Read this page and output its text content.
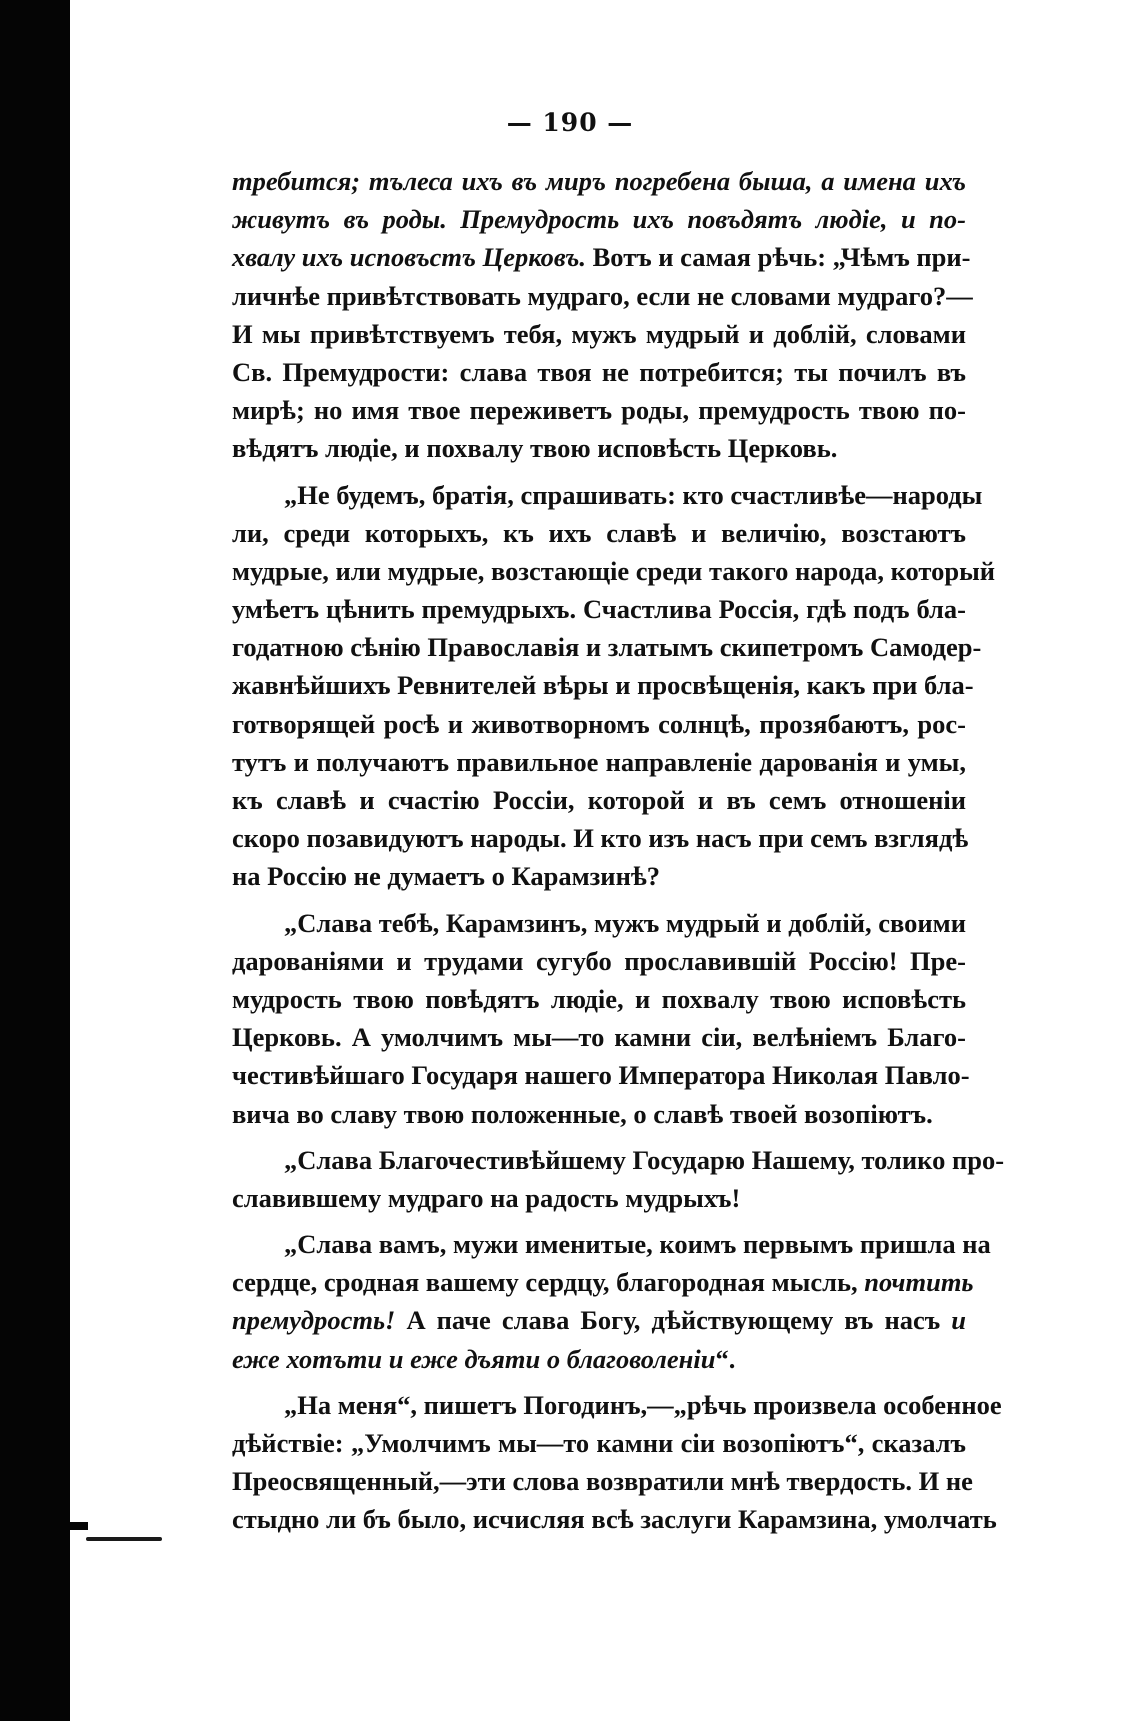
— 190 —
требится; тълеса ихъ въ миръ погребена быша, а имена ихъ
живутъ въ роды. Премудрость ихъ повъдятъ людіе, и по-
хвалу ихъ исповъстъ Церковъ. Вотъ и самая рѣчь: „Чѣмъ при-
личнѣе привѣтствовать мудраго, если не словами мудраго?—
И мы привѣтствуемъ тебя, мужъ мудрый и доблій, словами
Св. Премудрости: слава твоя не потребится; ты почилъ въ
мирѣ; но имя твое переживетъ роды, премудрость твою по-
вѣдятъ людіе, и похвалу твою исповѣсть Церковь.
„Не будемъ, братія, спрашивать: кто счастливѣе—народы
ли, среди которыхъ, къ ихъ славѣ и величію, возстаютъ
мудрые, или мудрые, возстающіе среди такого народа, который
умѣетъ цѣнить премудрыхъ. Счастлива Россія, гдѣ подъ бла-
годатною сѣнію Православія и златымъ скипетромъ Самодер-
жавнѣйшихъ Ревнителей вѣры и просвѣщенія, какъ при бла-
готворящей росѣ и животворномъ солнцѣ, прозябаютъ, рос-
тутъ и получаютъ правильное направленіе дарованія и умы,
къ славѣ и счастію Россіи, которой и въ семъ отношеніи
скоро позавидуютъ народы. И кто изъ насъ при семъ взглядѣ
на Россію не думаетъ о Карамзинѣ?
„Слава тебѣ, Карамзинъ, мужъ мудрый и доблій, своими
дарованіями и трудами сугубо прославившій Россію! Пре-
мудрость твою повѣдятъ людіе, и похвалу твою исповѣсть
Церковь. А умолчимъ мы—то камни сіи, велѣніемъ Благо-
честивѣйшаго Государя нашего Императора Николая Павло-
вича во славу твою положенные, о славѣ твоей возопіютъ.
„Слава Благочестивѣйшему Государю Нашему, толико про-
славившему мудраго на радость мудрыхъ!
„Слава вамъ, мужи именитые, коимъ первымъ пришла на
сердце, сродная вашему сердцу, благородная мысль, почтить
премудрость! А паче слава Богу, дѣйствующему въ насъ и
еже хотъти и еже дъяти о благоволеніи“.
„На меня“, пишетъ Погодинъ,—„рѣчь произвела особенное
дѣйствіе: „Умолчимъ мы—то камни сіи возопіютъ“, сказалъ
Преосвященный,—эти слова возвратили мнѣ твердость. И не
стыдно ли бъ было, исчисляя всѣ заслуги Карамзина, умолчать
